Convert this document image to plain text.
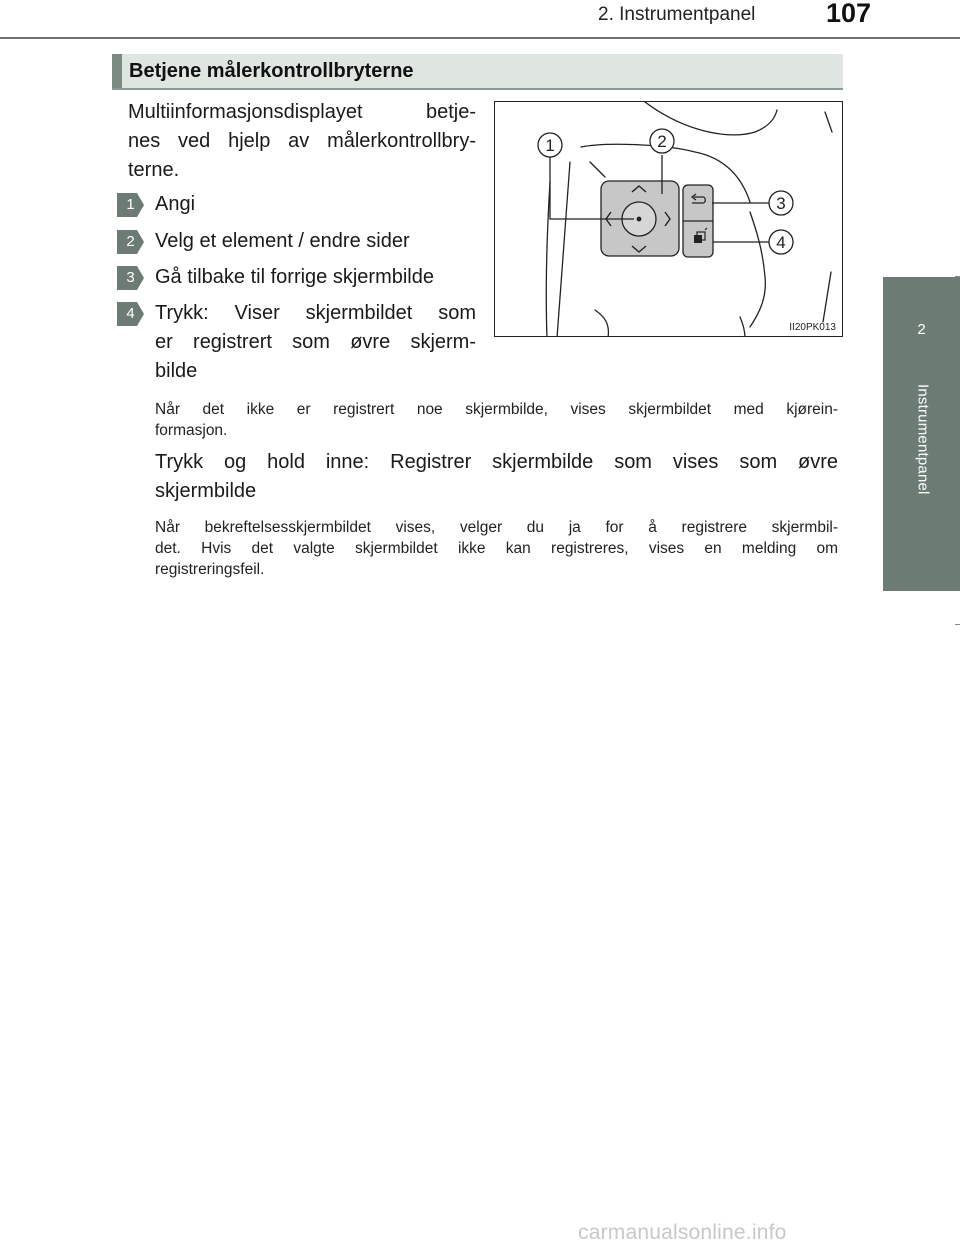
2. Instrumentpanel	107
2
Instrumentpanel
Betjene målerkontrollbryterne
Multiinformasjonsdisplayet betje-
nes ved hjelp av målerkontrollbry-
terne.
1	Angi
2	Velg et element / endre sider
3	Gå tilbake til forrige skjermbilde
4	Trykk: Viser skjermbildet som
er registrert som øvre skjerm-
bilde
Når det ikke er registrert noe skjermbilde, vises skjermbildet med kjørein-
formasjon.
Trykk og hold inne: Registrer skjermbilde som vises som øvre
skjermbilde
Når bekreftelsesskjermbildet vises, velger du ja for å registrere skjermbil-
det. Hvis det valgte skjermbildet ikke kan registreres, vises en melding om
registreringsfeil.
1	2
3
4
II20PK013
carmanualsonline.info
